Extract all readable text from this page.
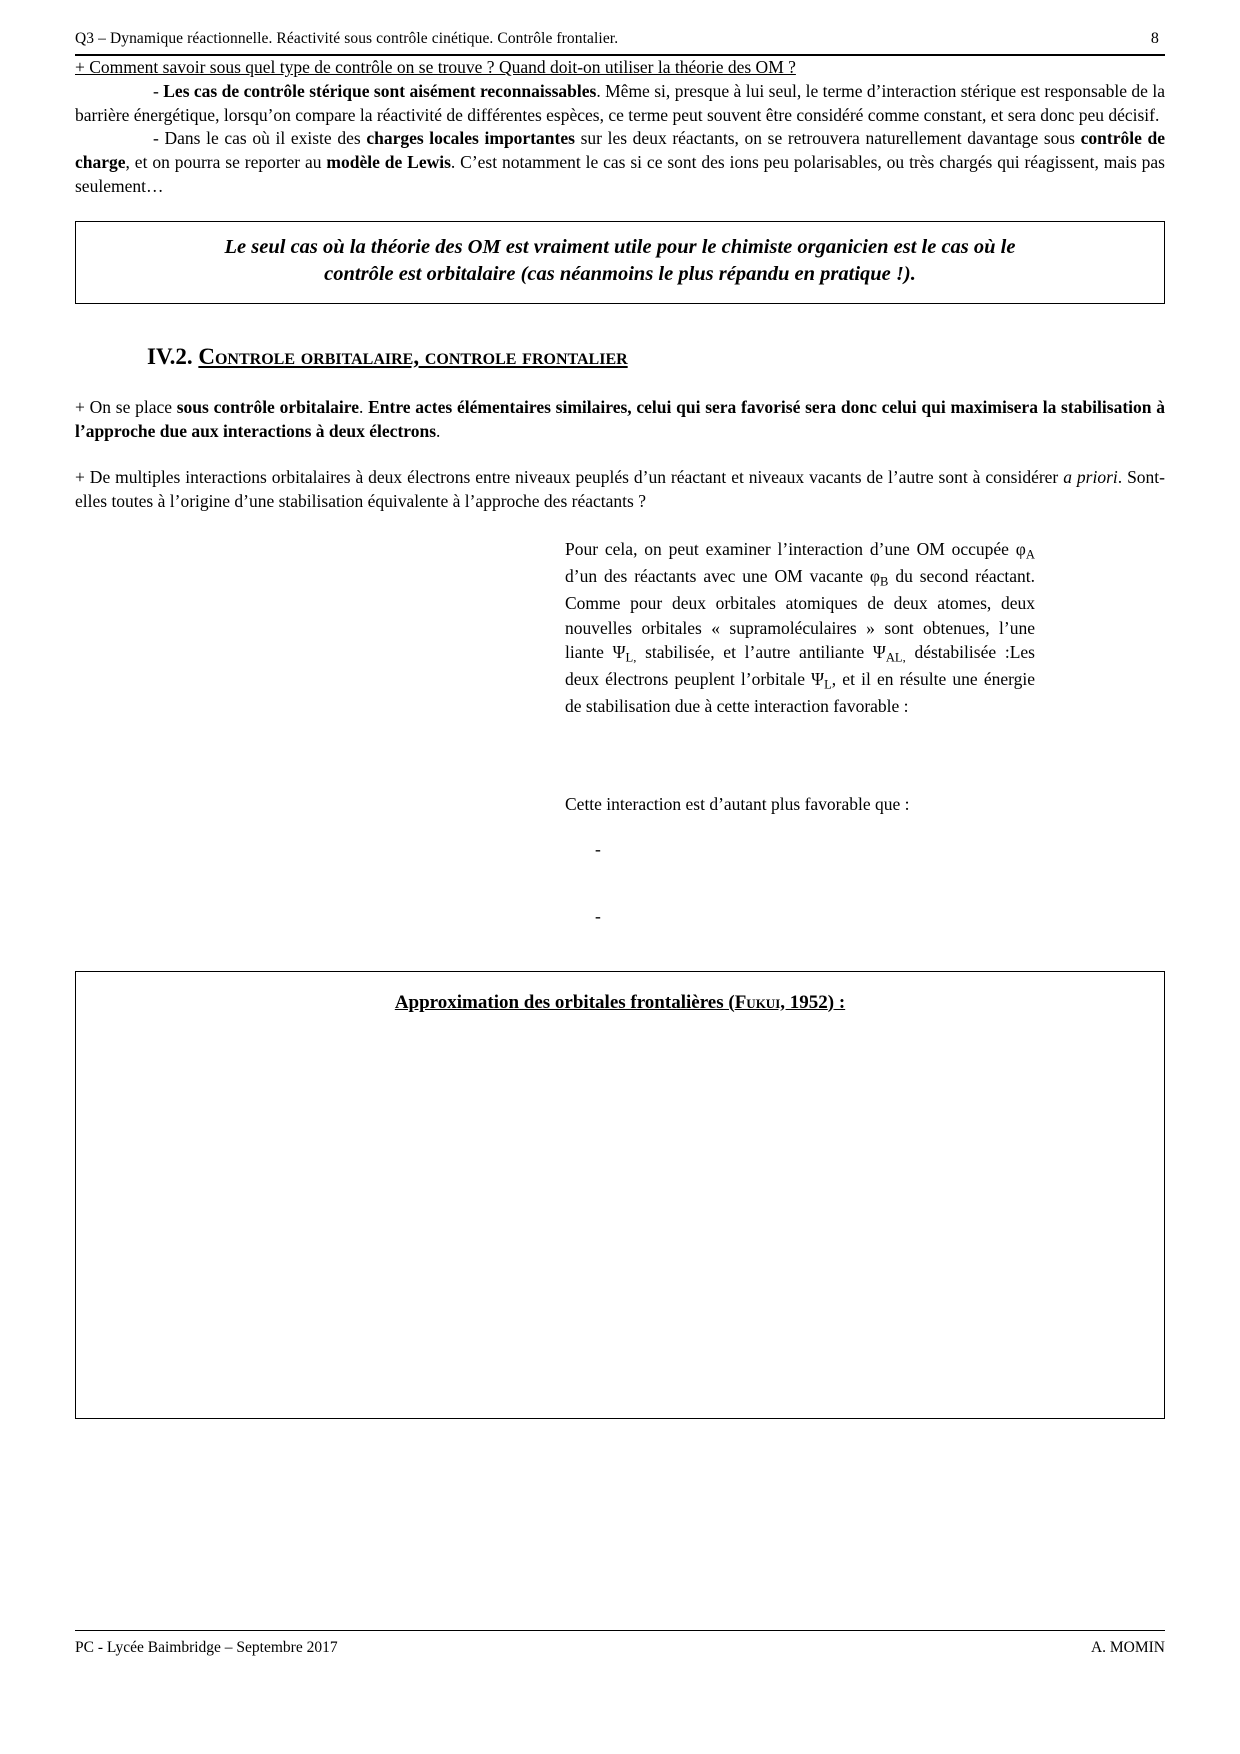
Q3 – Dynamique réactionnelle. Réactivité sous contrôle cinétique. Contrôle frontalier.	8

+ Comment savoir sous quel type de contrôle on se trouve ? Quand doit-on utiliser la théorie des OM ?

- Les cas de contrôle stérique sont aisément reconnaissables. Même si, presque à lui seul, le terme d’interaction stérique est responsable de la barrière énergétique, lorsqu’on compare la réactivité de différentes espèces, ce terme peut souvent être considéré comme constant, et sera donc peu décisif.

- Dans le cas où il existe des charges locales importantes sur les deux réactants, on se retrouvera naturellement davantage sous contrôle de charge, et on pourra se reporter au modèle de Lewis. C’est notamment le cas si ce sont des ions peu polarisables, ou très chargés qui réagissent, mais pas seulement…

Le seul cas où la théorie des OM est vraiment utile pour le chimiste organicien est le cas où le
contrôle est orbitalaire (cas néanmoins le plus répandu en pratique !).
IV.2. Controle orbitalaire, controle frontalier

+ On se place sous contrôle orbitalaire. Entre actes élémentaires similaires, celui qui sera favorisé sera donc celui qui maximisera la stabilisation à l’approche due aux interactions à deux électrons.

+ De multiples interactions orbitalaires à deux électrons entre niveaux peuplés d’un réactant et niveaux vacants de l’autre sont à considérer a priori. Sont-elles toutes à l’origine d’une stabilisation équivalente à l’approche des réactants ?

Pour cela, on peut examiner l’interaction d’une OM occupée $\varphi_A$ d’un des réactants avec une OM vacante $\varphi_B$ du second réactant. Comme pour deux orbitales atomiques de deux atomes, deux nouvelles orbitales « supramoléculaires » sont obtenues, l’une liante $\Psi_{L,}$ stabilisée, et l’autre antiliante $\Psi_{AL,}$ déstabilisée :Les deux électrons peuplent l’orbitale $\Psi_L$, et il en résulte une énergie de stabilisation due à cette interaction favorable :
Cette interaction est d’autant plus favorable que :
-
-
Approximation des orbitales frontalières (Fukui, 1952) :
PC - Lycée Baimbridge – Septembre 2017	A. MOMIN
